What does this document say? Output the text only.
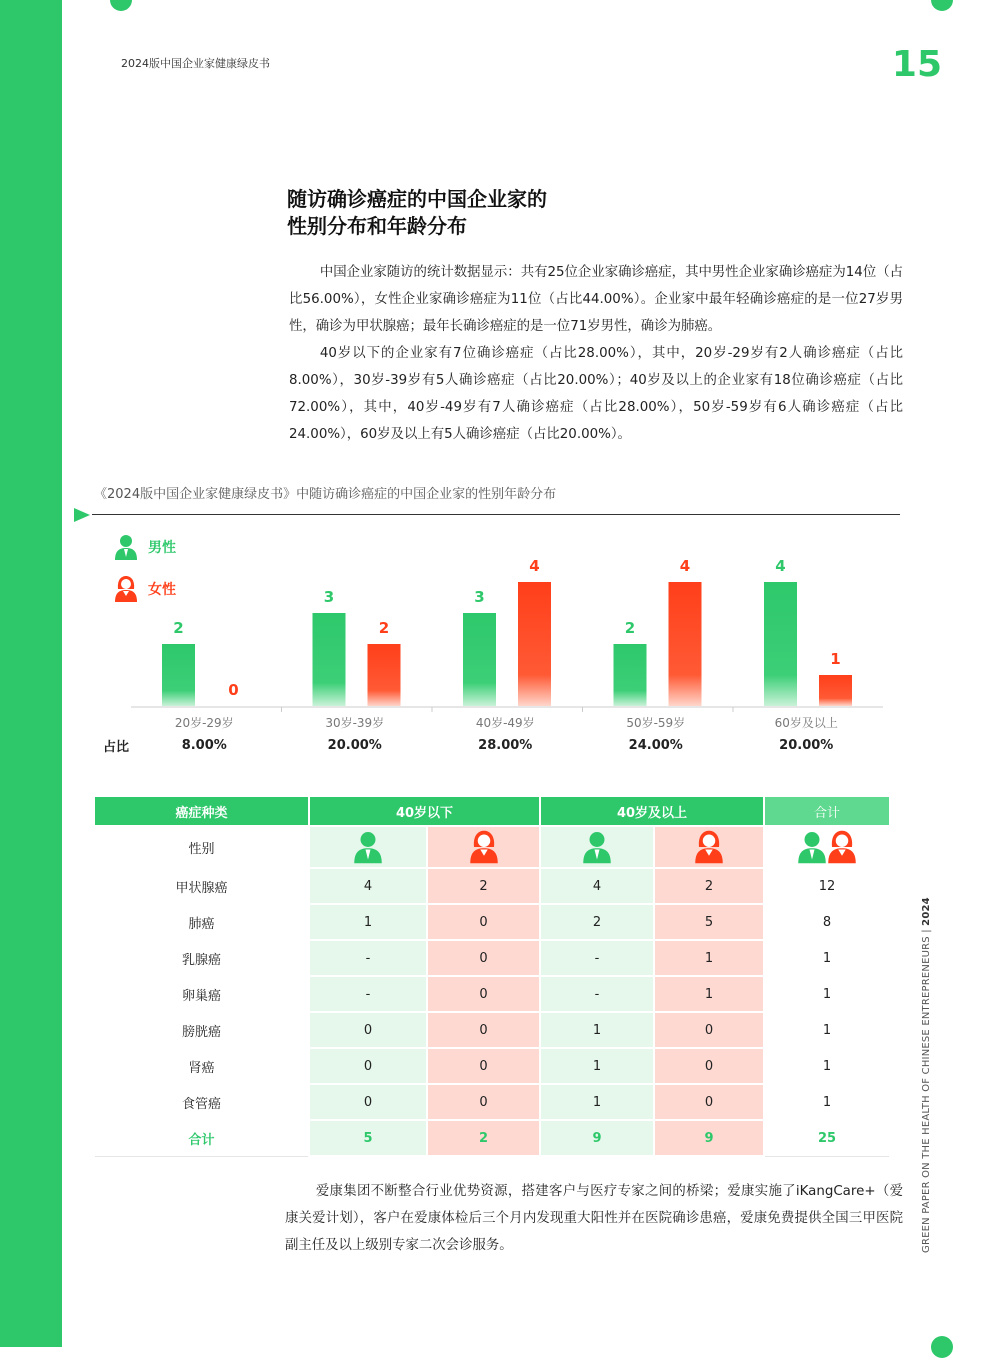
2024版中国企业家健康绿皮书	15
随访确诊癌症的中国企业家的
性别分布和年龄分布

中国企业家随访的统计数据显示：共有25位企业家确诊癌症，其中男性企业家确诊癌症为14位（占比56.00%），女性企业家确诊癌症为11位（占比44.00%）。企业家中最年轻确诊癌症的是一位27岁男性，确诊为甲状腺癌；最年长确诊癌症的是一位71岁男性，确诊为肺癌。

40岁以下的企业家有7位确诊癌症（占比28.00%），其中，20岁-29岁有2人确诊癌症（占比8.00%），30岁-39岁有5人确诊癌症（占比20.00%）；40岁及以上的企业家有18位确诊癌症（占比72.00%），其中，40岁-49岁有7人确诊癌症（占比28.00%），50岁-59岁有6人确诊癌症（占比24.00%），60岁及以上有5人确诊癌症（占比20.00%）。

《2024版中国企业家健康绿皮书》中随访确诊癌症的中国企业家的性别年龄分布
男性
女性
2
0
20岁-29岁
8.00%
3
2
30岁-39岁
20.00%
3
4
40岁-49岁
28.00%
2
4
50岁-59岁
24.00%
4
1
60岁及以上
20.00%
占比
癌症种类	40岁以下		40岁及以上		合计
性别					
甲状腺癌	4	2	4	2	12
肺癌	1	0	2	5	8
乳腺癌	-	0	-	1	1
卵巢癌	-	0	-	1	1
膀胱癌	0	0	1	0	1
肾癌	0	0	1	0	1
食管癌	0	0	1	0	1
合计	5	2	9	9	25	GREEN PAPER ON THE HEALTH OF CHINESE ENTREPRENEURS | 2024

爱康集团不断整合行业优势资源，搭建客户与医疗专家之间的桥梁；爱康实施了iKangCare+（爱康关爱计划），客户在爱康体检后三个月内发现重大阳性并在医院确诊患癌，爱康免费提供全国三甲医院副主任及以上级别专家二次会诊服务。
